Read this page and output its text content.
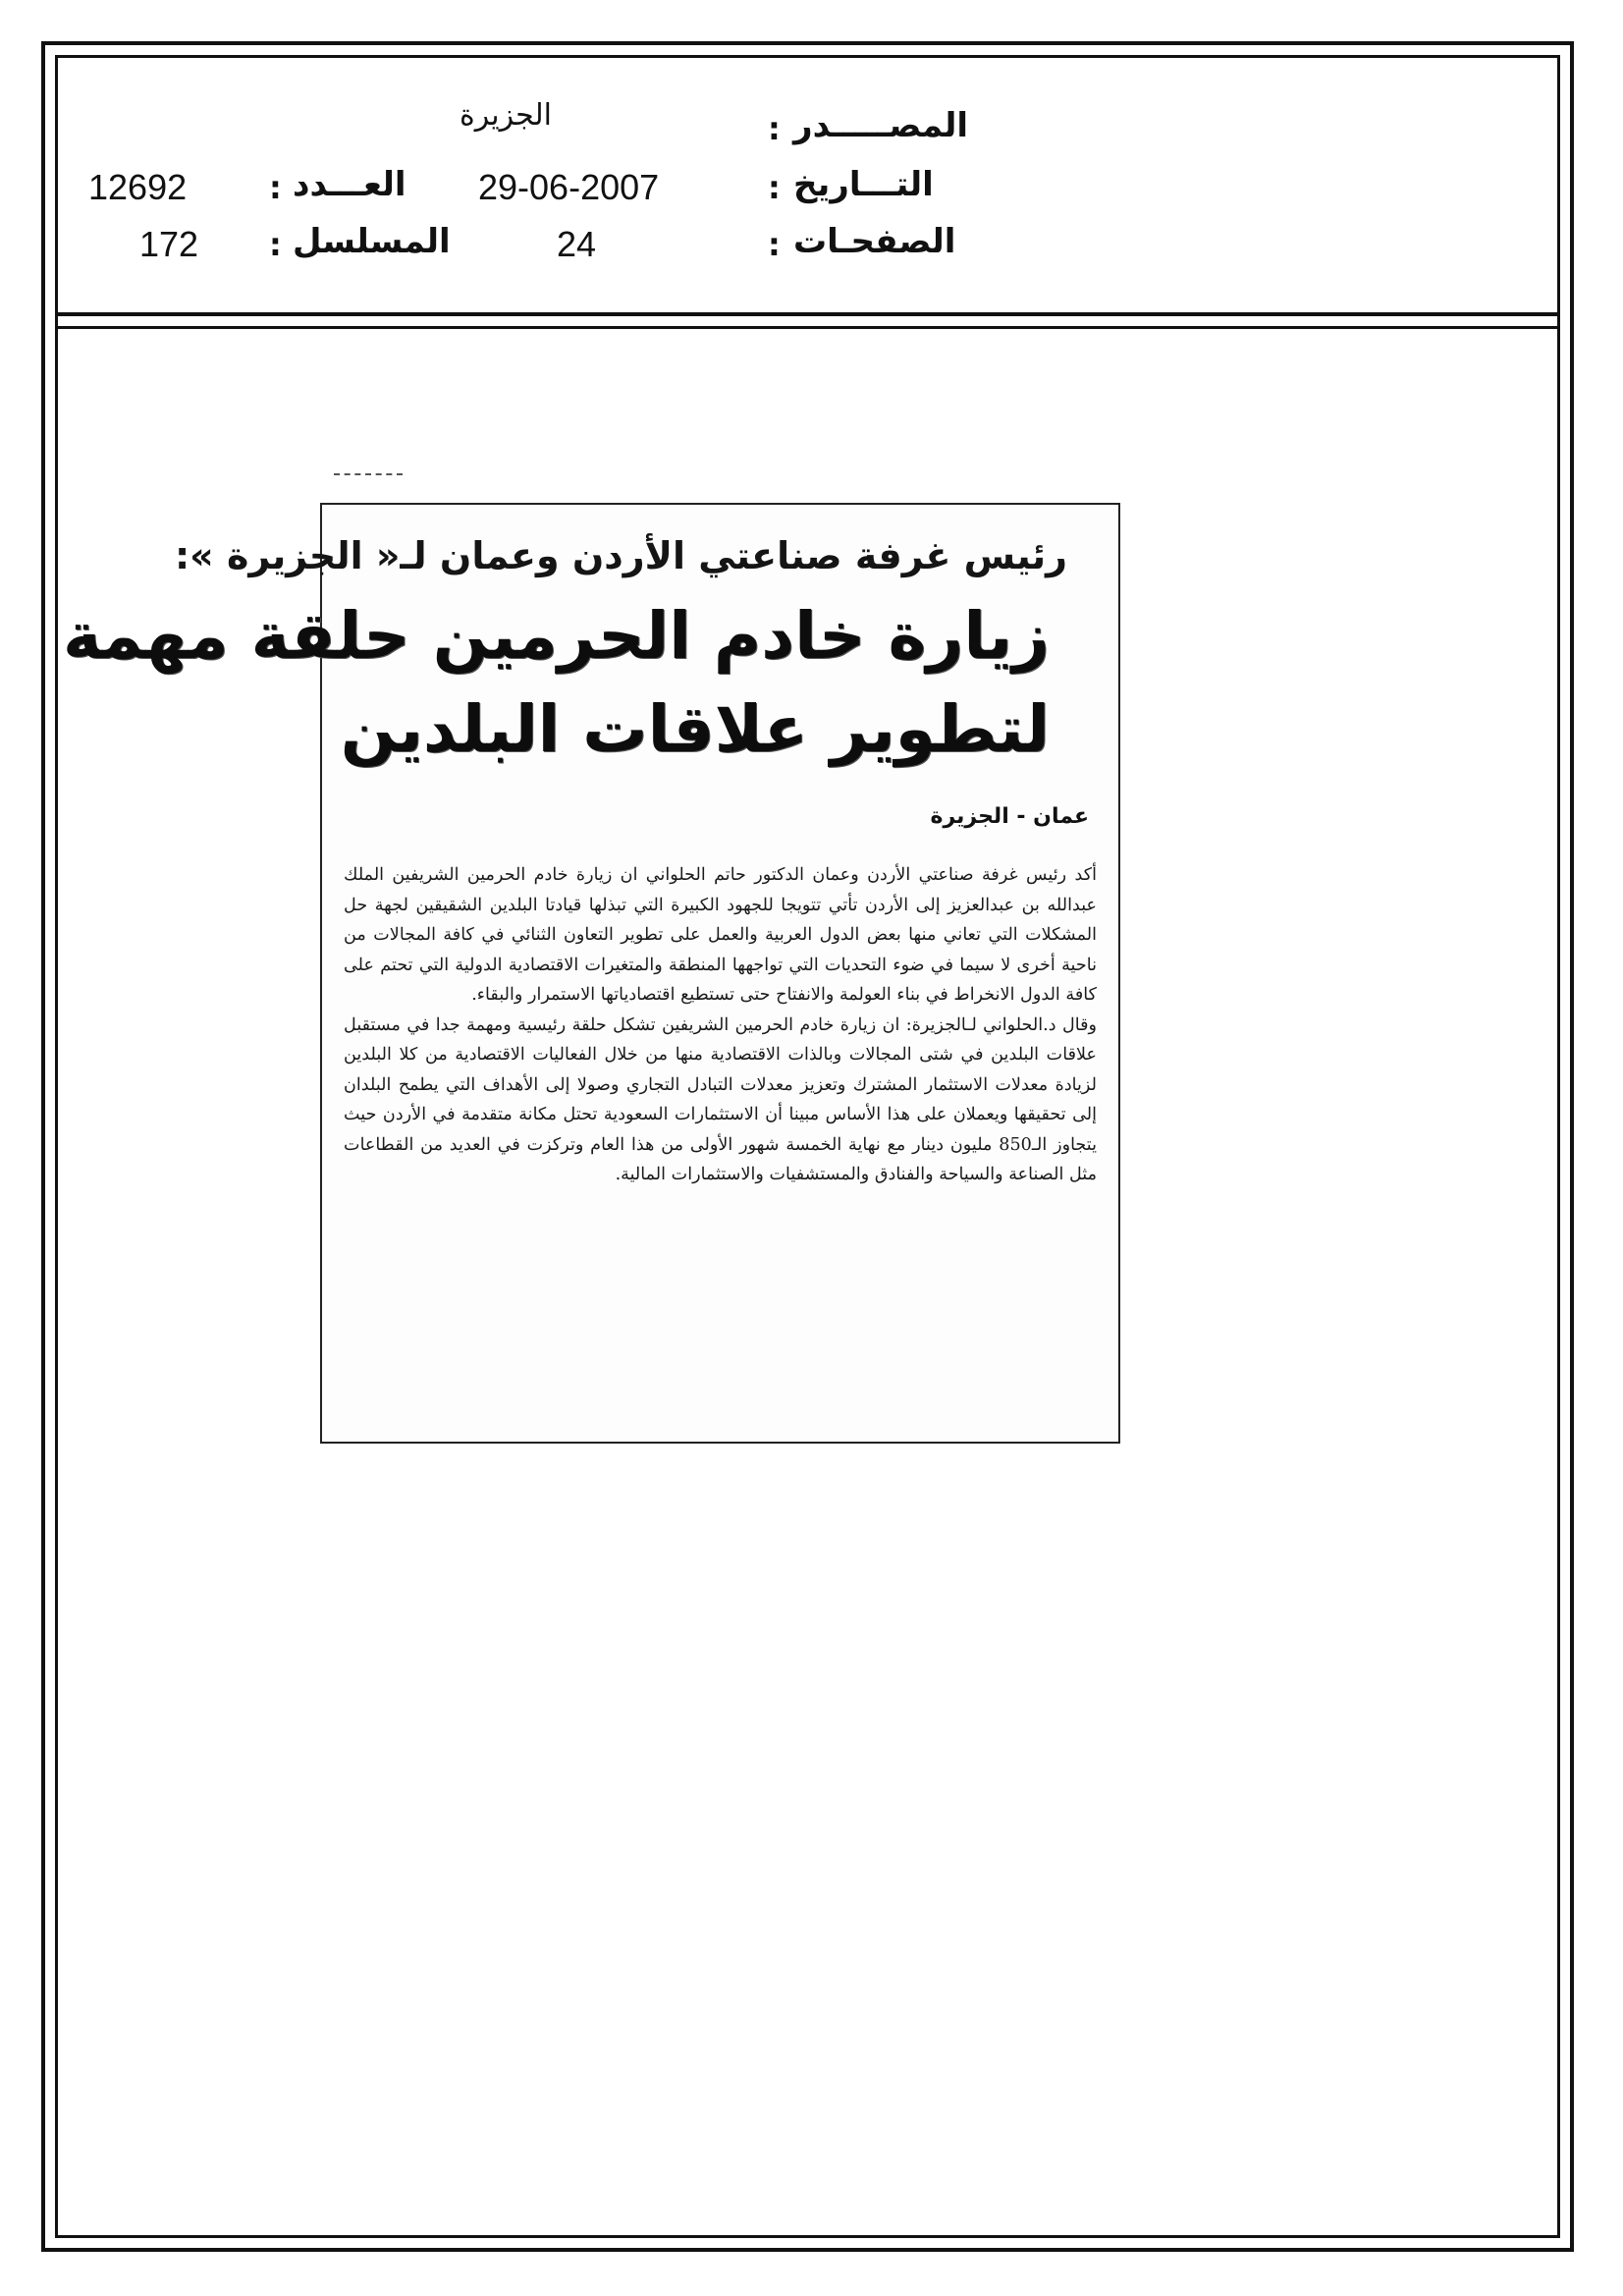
المصـــــدر
:
الجزيرة
التـــاريخ
:
29-06-2007
العـــدد
:
12692
الصفحـات
:
24
المسلسل
:
172
رئيس غرفة صناعتي الأردن وعمان لـ« الجزيرة »:
زيارة خادم الحرمين حلقة مهمة
لتطوير علاقات البلدين
عمان - الجزيرة

أكد رئيس غرفة صناعتي الأردن وعمان الدكتور حاتم الحلواني ان زيارة خادم الحرمين الشريفين الملك عبدالله بن عبدالعزيز إلى الأردن تأتي تتويجا للجهود الكبيرة التي تبذلها قيادتا البلدين الشقيقين لجهة حل المشكلات التي تعاني منها بعض الدول العربية والعمل على تطوير التعاون الثنائي في كافة المجالات من ناحية أخرى لا سيما في ضوء التحديات التي تواجهها المنطقة والمتغيرات الاقتصادية الدولية التي تحتم على كافة الدول الانخراط في بناء العولمة والانفتاح حتى تستطيع اقتصادياتها الاستمرار والبقاء.

وقال د.الحلواني لـالجزيرة: ان زيارة خادم الحرمين الشريفين تشكل حلقة رئيسية ومهمة جدا في مستقبل علاقات البلدين في شتى المجالات وبالذات الاقتصادية منها من خلال الفعاليات الاقتصادية من كلا البلدين لزيادة معدلات الاستثمار المشترك وتعزيز معدلات التبادل التجاري وصولا إلى الأهداف التي يطمح البلدان إلى تحقيقها ويعملان على هذا الأساس مبينا أن الاستثمارات السعودية تحتل مكانة متقدمة في الأردن حيث يتجاوز الـ850 مليون دينار مع نهاية الخمسة شهور الأولى من هذا العام وتركزت في العديد من القطاعات مثل الصناعة والسياحة والفنادق والمستشفيات والاستثمارات المالية.
